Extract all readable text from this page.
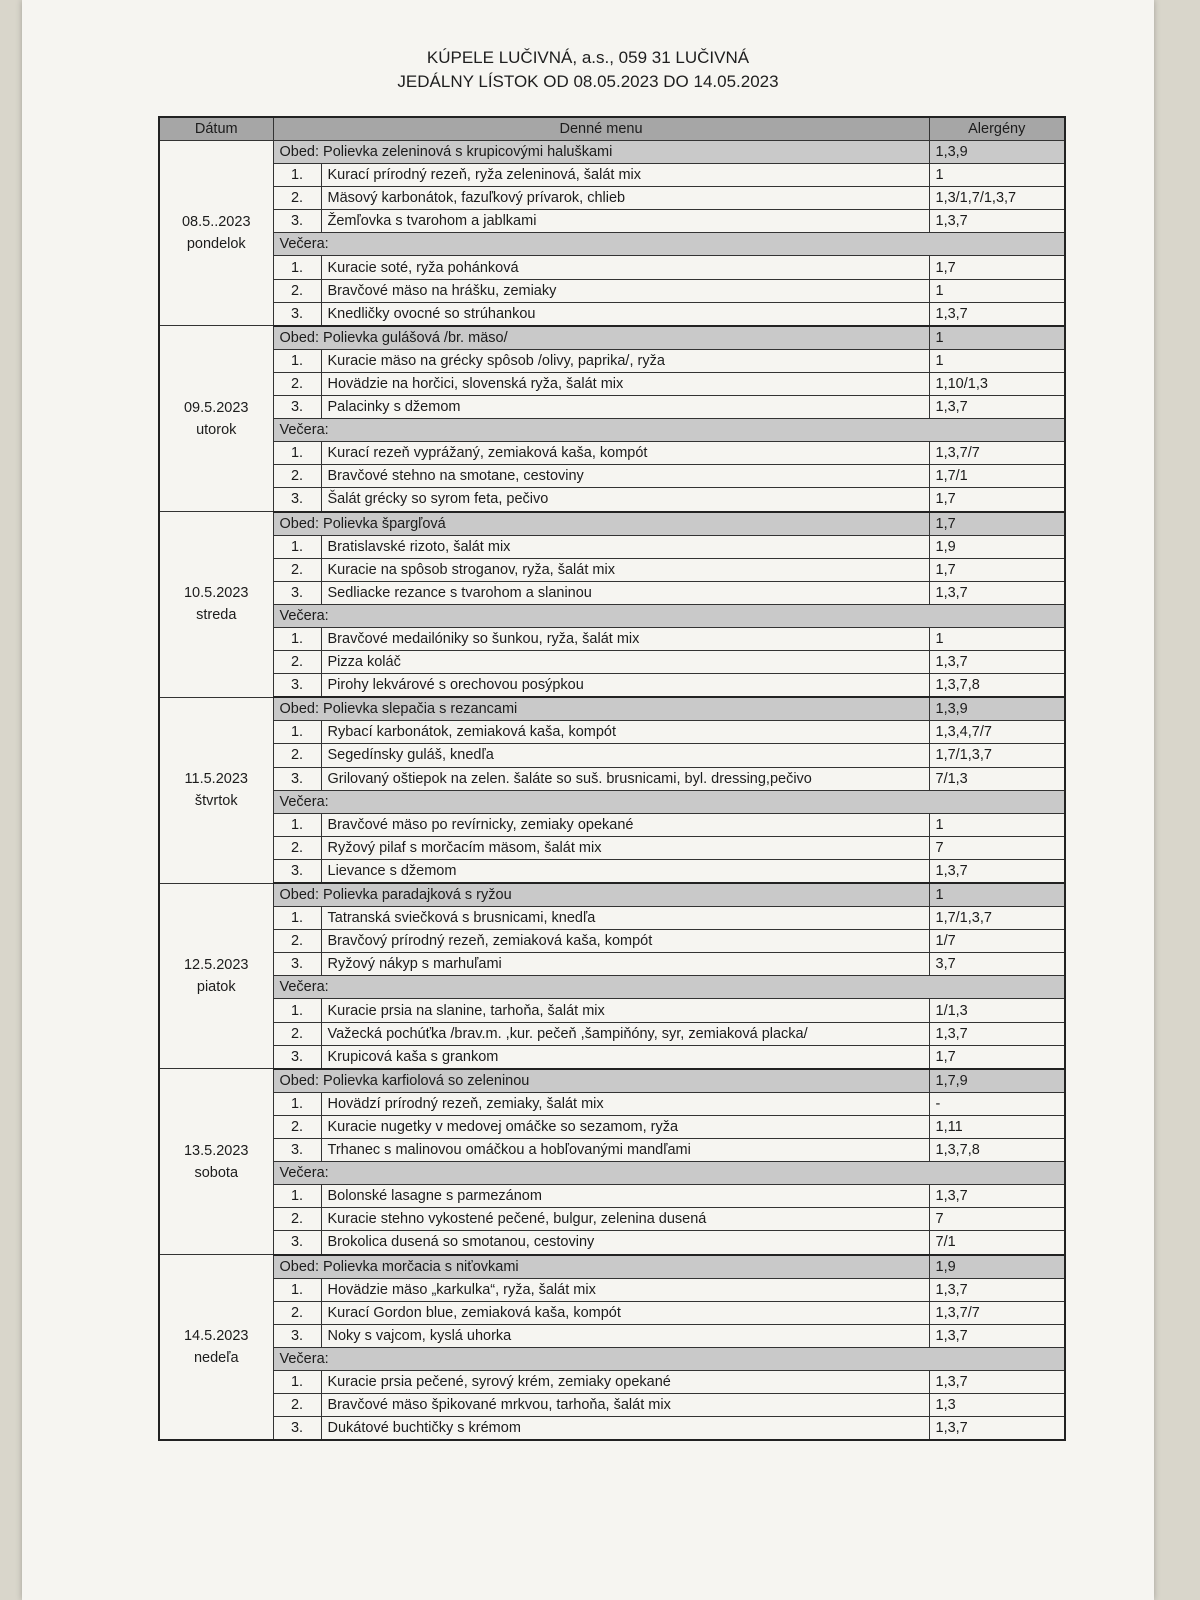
KÚPELE LUČIVNÁ, a.s., 059 31 LUČIVNÁ
JEDÁLNY LÍSTOK OD 08.05.2023 DO 14.05.2023
Dátum	Denné menu		Alergény

08.5..2023
pondelok	Obed: Polievka zeleninová s krupicovými haluškami		1,3,9
	1.	Kurací prírodný rezeň, ryža zeleninová, šalát mix	1
	2.	Mäsový karbonátok, fazuľkový prívarok, chlieb	1,3/1,7/1,3,7
	3.	Žemľovka s tvarohom a jablkami	1,3,7
	Večera:		
	1.	Kuracie soté, ryža pohánková	1,7
	2.	Bravčové mäso na hrášku, zemiaky	1
	3.	Knedličky ovocné so strúhankou	1,3,7

09.5.2023
utorok	Obed: Polievka gulášová /br. mäso/		1
	1.	Kuracie mäso na grécky spôsob /olivy, paprika/, ryža	1
	2.	Hovädzie na horčici, slovenská ryža, šalát mix	1,10/1,3
	3.	Palacinky s džemom	1,3,7
	Večera:		
	1.	Kurací rezeň vyprážaný, zemiaková kaša, kompót	1,3,7/7
	2.	Bravčové stehno na smotane, cestoviny	1,7/1
	3.	Šalát grécky so syrom feta, pečivo	1,7

10.5.2023
streda	Obed: Polievka špargľová		1,7
	1.	Bratislavské rizoto, šalát mix	1,9
	2.	Kuracie na spôsob stroganov, ryža, šalát mix	1,7
	3.	Sedliacke rezance s tvarohom a slaninou	1,3,7
	Večera:		
	1.	Bravčové medailóniky so šunkou, ryža, šalát mix	1
	2.	Pizza koláč	1,3,7
	3.	Pirohy lekvárové s orechovou posýpkou	1,3,7,8

11.5.2023
štvrtok	Obed: Polievka slepačia s rezancami		1,3,9
	1.	Rybací karbonátok, zemiaková kaša, kompót	1,3,4,7/7
	2.	Segedínsky guláš, knedľa	1,7/1,3,7
	3.	Grilovaný oštiepok na zelen. šaláte so suš. brusnicami, byl. dressing,pečivo	7/1,3
	Večera:		
	1.	Bravčové mäso po revírnicky, zemiaky opekané	1
	2.	Ryžový pilaf s morčacím mäsom, šalát mix	7
	3.	Lievance s džemom	1,3,7

12.5.2023
piatok	Obed: Polievka paradajková s ryžou		1
	1.	Tatranská sviečková s brusnicami, knedľa	1,7/1,3,7
	2.	Bravčový prírodný rezeň, zemiaková kaša, kompót	1/7
	3.	Ryžový nákyp s marhuľami	3,7
	Večera:		
	1.	Kuracie prsia na slanine, tarhoňa, šalát mix	1/1,3
	2.	Važecká pochúťka /brav.m. ,kur. pečeň ,šampiňóny, syr, zemiaková placka/	1,3,7
	3.	Krupicová kaša s grankom	1,7

13.5.2023
sobota	Obed: Polievka karfiolová so zeleninou		1,7,9
	1.	Hovädzí prírodný rezeň, zemiaky, šalát mix	-
	2.	Kuracie nugetky v medovej omáčke so sezamom, ryža	1,11
	3.	Trhanec s malinovou omáčkou a hobľovanými mandľami	1,3,7,8
	Večera:		
	1.	Bolonské lasagne s parmezánom	1,3,7
	2.	Kuracie stehno vykostené pečené, bulgur, zelenina dusená	7
	3.	Brokolica dusená so smotanou, cestoviny	7/1

14.5.2023
nedeľa	Obed: Polievka morčacia s niťovkami		1,9
	1.	Hovädzie mäso „karkulka“, ryža, šalát mix	1,3,7
	2.	Kurací Gordon blue, zemiaková kaša, kompót	1,3,7/7
	3.	Noky s vajcom, kyslá uhorka	1,3,7
	Večera:		
	1.	Kuracie prsia pečené, syrový krém, zemiaky opekané	1,3,7
	2.	Bravčové mäso špikované mrkvou, tarhoňa, šalát mix	1,3
	3.	Dukátové buchtičky s krémom	1,3,7
